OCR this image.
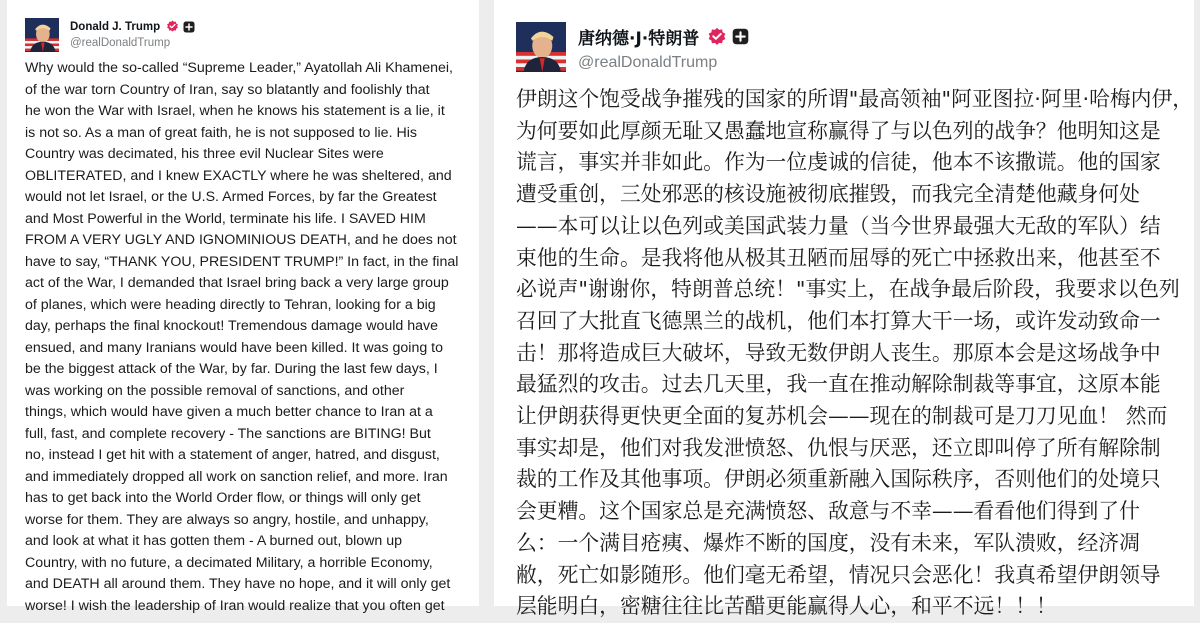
Donald J. Trump
@realDonaldTrump
Why would the so-called “Supreme Leader,” Ayatollah Ali Khamenei,
of the war torn Country of Iran, say so blatantly and foolishly that
he won the War with Israel, when he knows his statement is a lie, it
is not so. As a man of great faith, he is not supposed to lie. His
Country was decimated, his three evil Nuclear Sites were
OBLITERATED, and I knew EXACTLY where he was sheltered, and
would not let Israel, or the U.S. Armed Forces, by far the Greatest
and Most Powerful in the World, terminate his life. I SAVED HIM
FROM A VERY UGLY AND IGNOMINIOUS DEATH, and he does not
have to say, “THANK YOU, PRESIDENT TRUMP!” In fact, in the final
act of the War, I demanded that Israel bring back a very large group
of planes, which were heading directly to Tehran, looking for a big
day, perhaps the final knockout! Tremendous damage would have
ensued, and many Iranians would have been killed. It was going to
be the biggest attack of the War, by far. During the last few days, I
was working on the possible removal of sanctions, and other
things, which would have given a much better chance to Iran at a
full, fast, and complete recovery - The sanctions are BITING! But
no, instead I get hit with a statement of anger, hatred, and disgust,
and immediately dropped all work on sanction relief, and more. Iran
has to get back into the World Order flow, or things will only get
worse for them. They are always so angry, hostile, and unhappy,
and look at what it has gotten them - A burned out, blown up
Country, with no future, a decimated Military, a horrible Economy,
and DEATH all around them. They have no hope, and it will only get
worse! I wish the leadership of Iran would realize that you often get
唐纳德·J·特朗普
@realDonaldTrump
伊朗这个饱受战争摧残的国家的所谓"最高领袖"阿亚图拉·阿里·哈梅内伊，
为何要如此厚颜无耻又愚蠢地宣称赢得了与以色列的战争？他明知这是
谎言，事实并非如此。作为一位虔诚的信徒，他本不该撒谎。他的国家
遭受重创，三处邪恶的核设施被彻底摧毁，而我完全清楚他藏身何处
——本可以让以色列或美国武装力量（当今世界最强大无敌的军队）结
束他的生命。是我将他从极其丑陋而屈辱的死亡中拯救出来，他甚至不
必说声"谢谢你，特朗普总统！"事实上，在战争最后阶段，我要求以色列
召回了大批直飞德黑兰的战机，他们本打算大干一场，或许发动致命一
击！那将造成巨大破坏，导致无数伊朗人丧生。那原本会是这场战争中
最猛烈的攻击。过去几天里，我一直在推动解除制裁等事宜，这原本能
让伊朗获得更快更全面的复苏机会——现在的制裁可是刀刀见血！ 然而
事实却是，他们对我发泄愤怒、仇恨与厌恶，还立即叫停了所有解除制
裁的工作及其他事项。伊朗必须重新融入国际秩序，否则他们的处境只
会更糟。这个国家总是充满愤怒、敌意与不幸——看看他们得到了什
么：一个满目疮痍、爆炸不断的国度，没有未来，军队溃败，经济凋
敝，死亡如影随形。他们毫无希望，情况只会恶化！我真希望伊朗领导
层能明白，密糖往往比苦醋更能赢得人心，和平不远！！！
